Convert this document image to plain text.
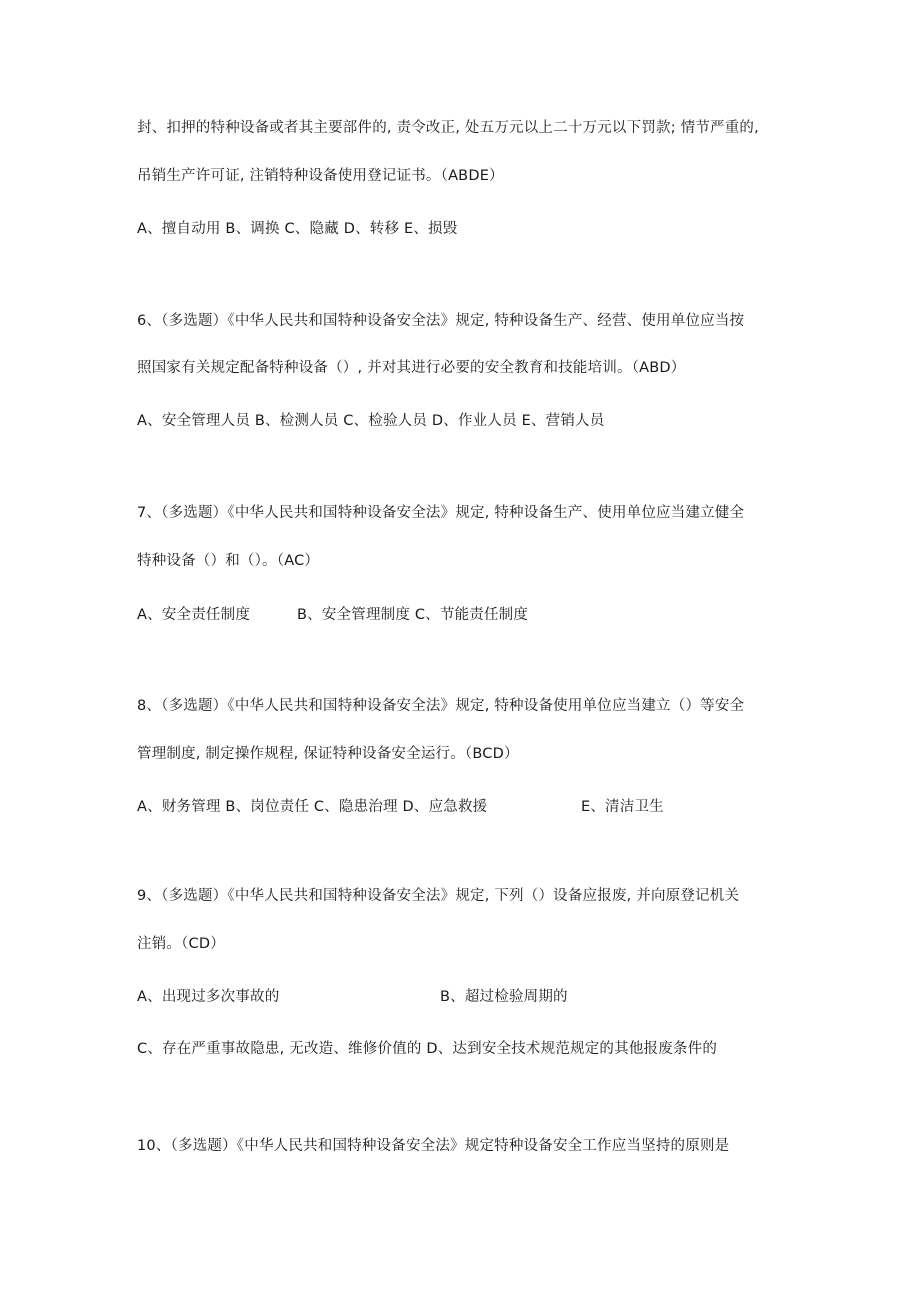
封、扣押的特种设备或者其主要部件的, 责令改正, 处五万元以上二十万元以下罚款; 情节严重的,

吊销生产许可证, 注销特种设备使用登记证书。（ABDE）

A、擅自动用 B、调换 C、隐藏 D、转移 E、损毁

6、（多选题）《中华人民共和国特种设备安全法》规定, 特种设备生产、经营、使用单位应当按

照国家有关规定配备特种设备（）, 并对其进行必要的安全教育和技能培训。（ABD）

A、安全管理人员 B、检测人员 C、检验人员 D、作业人员 E、营销人员

7、（多选题）《中华人民共和国特种设备安全法》规定, 特种设备生产、使用单位应当建立健全

特种设备（）和（）。（AC）

A、安全责任制度	B、安全管理制度 C、节能责任制度

8、（多选题）《中华人民共和国特种设备安全法》规定, 特种设备使用单位应当建立（）等安全

管理制度, 制定操作规程, 保证特种设备安全运行。（BCD）

A、财务管理 B、岗位责任 C、隐患治理 D、应急救援	E、清洁卫生

9、（多选题）《中华人民共和国特种设备安全法》规定, 下列（）设备应报废, 并向原登记机关

注销。（CD）

A、出现过多次事故的	B、超过检验周期的

C、存在严重事故隐患, 无改造、维修价值的 D、达到安全技术规范规定的其他报废条件的

10、（多选题）《中华人民共和国特种设备安全法》规定特种设备安全工作应当坚持的原则是
